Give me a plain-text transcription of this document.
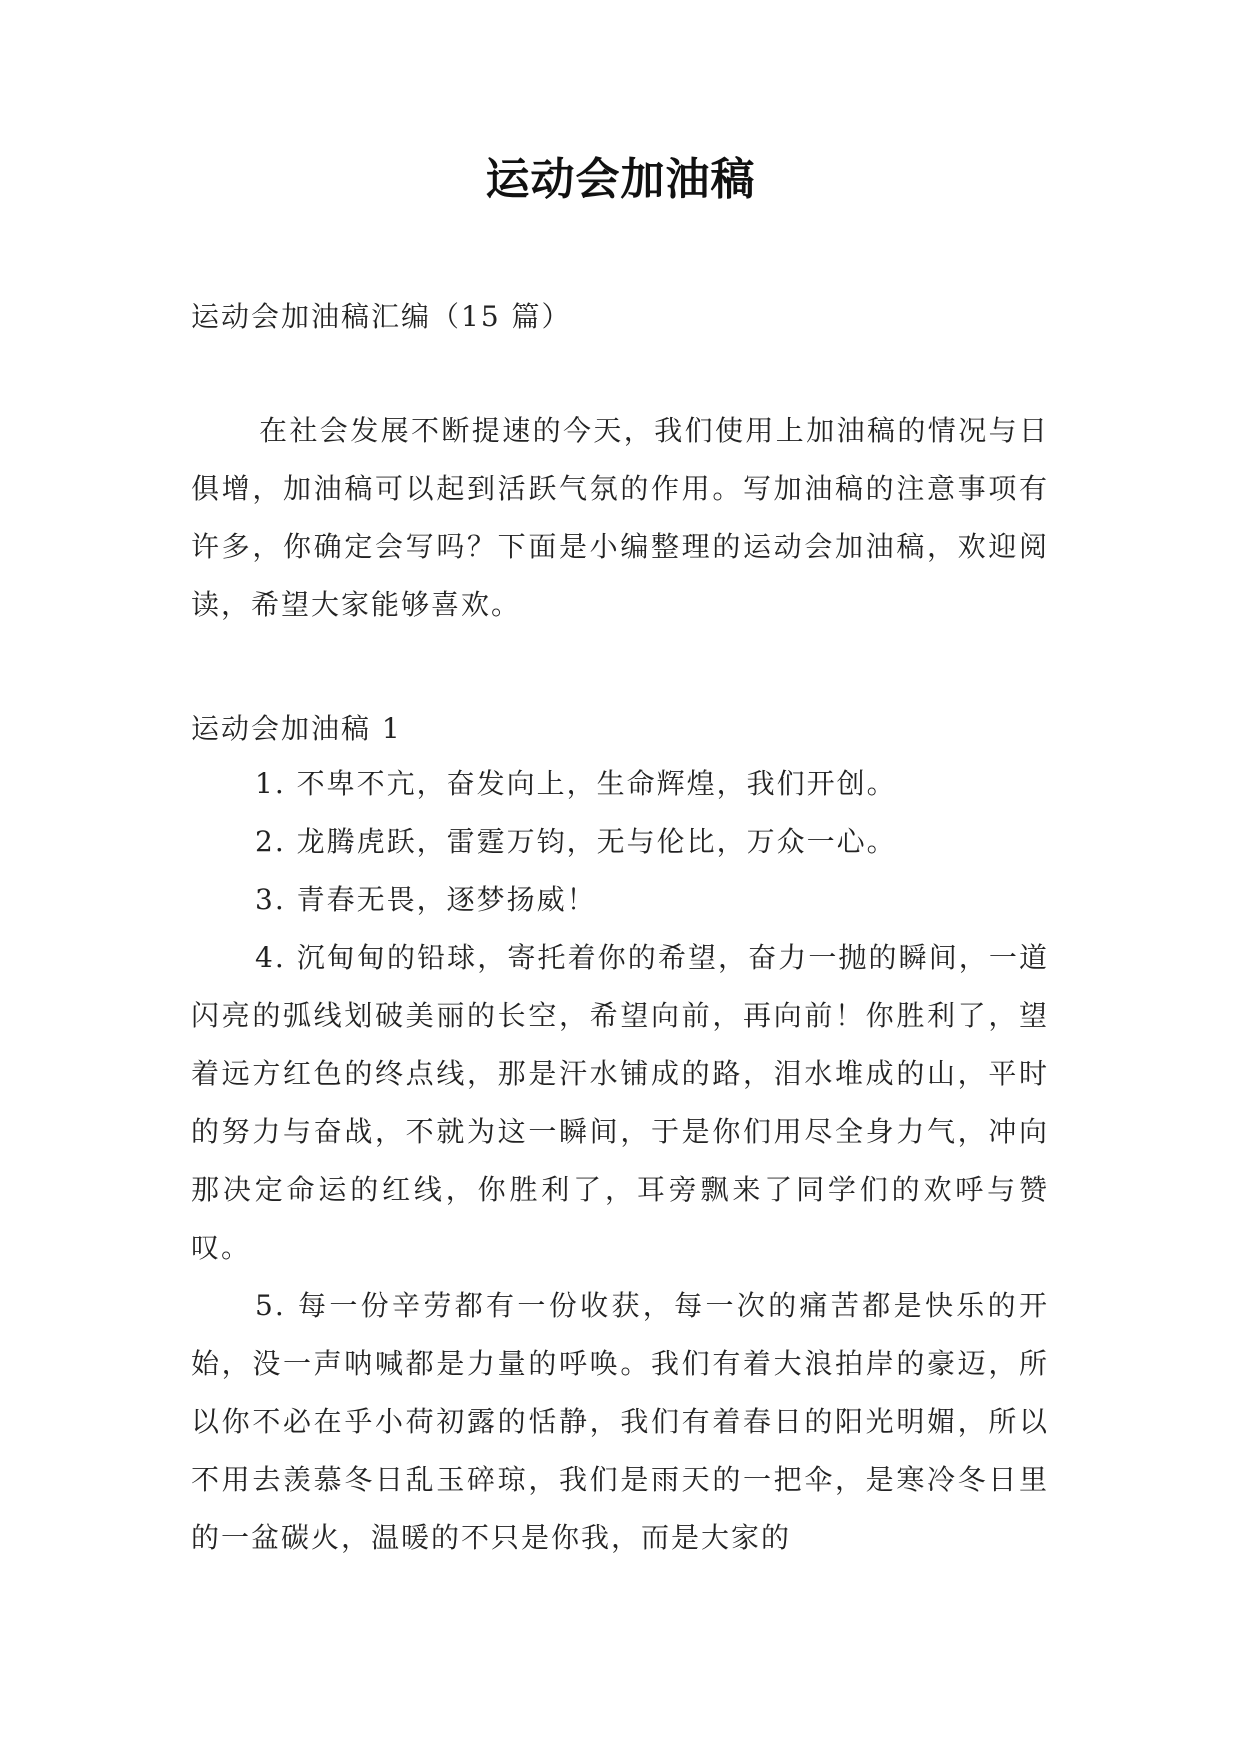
运动会加油稿
运动会加油稿汇编（15 篇）
在社会发展不断提速的今天，我们使用上加油稿的情况与日俱增，加油稿可以起到活跃气氛的作用。写加油稿的注意事项有许多，你确定会写吗？下面是小编整理的运动会加油稿，欢迎阅读，希望大家能够喜欢。
运动会加油稿 1
1. 不卑不亢，奋发向上，生命辉煌，我们开创。
2. 龙腾虎跃，雷霆万钧，无与伦比，万众一心。
3. 青春无畏，逐梦扬威！
4. 沉甸甸的铅球，寄托着你的希望，奋力一抛的瞬间，一道闪亮的弧线划破美丽的长空，希望向前，再向前！你胜利了，望着远方红色的终点线，那是汗水铺成的路，泪水堆成的山，平时的努力与奋战，不就为这一瞬间，于是你们用尽全身力气，冲向那决定命运的红线，你胜利了，耳旁飘来了同学们的欢呼与赞叹。
5. 每一份辛劳都有一份收获，每一次的痛苦都是快乐的开始，没一声呐喊都是力量的呼唤。我们有着大浪拍岸的豪迈，所以你不必在乎小荷初露的恬静，我们有着春日的阳光明媚，所以不用去羡慕冬日乱玉碎琼，我们是雨天的一把伞，是寒冷冬日里的一盆碳火，温暖的不只是你我，而是大家的
